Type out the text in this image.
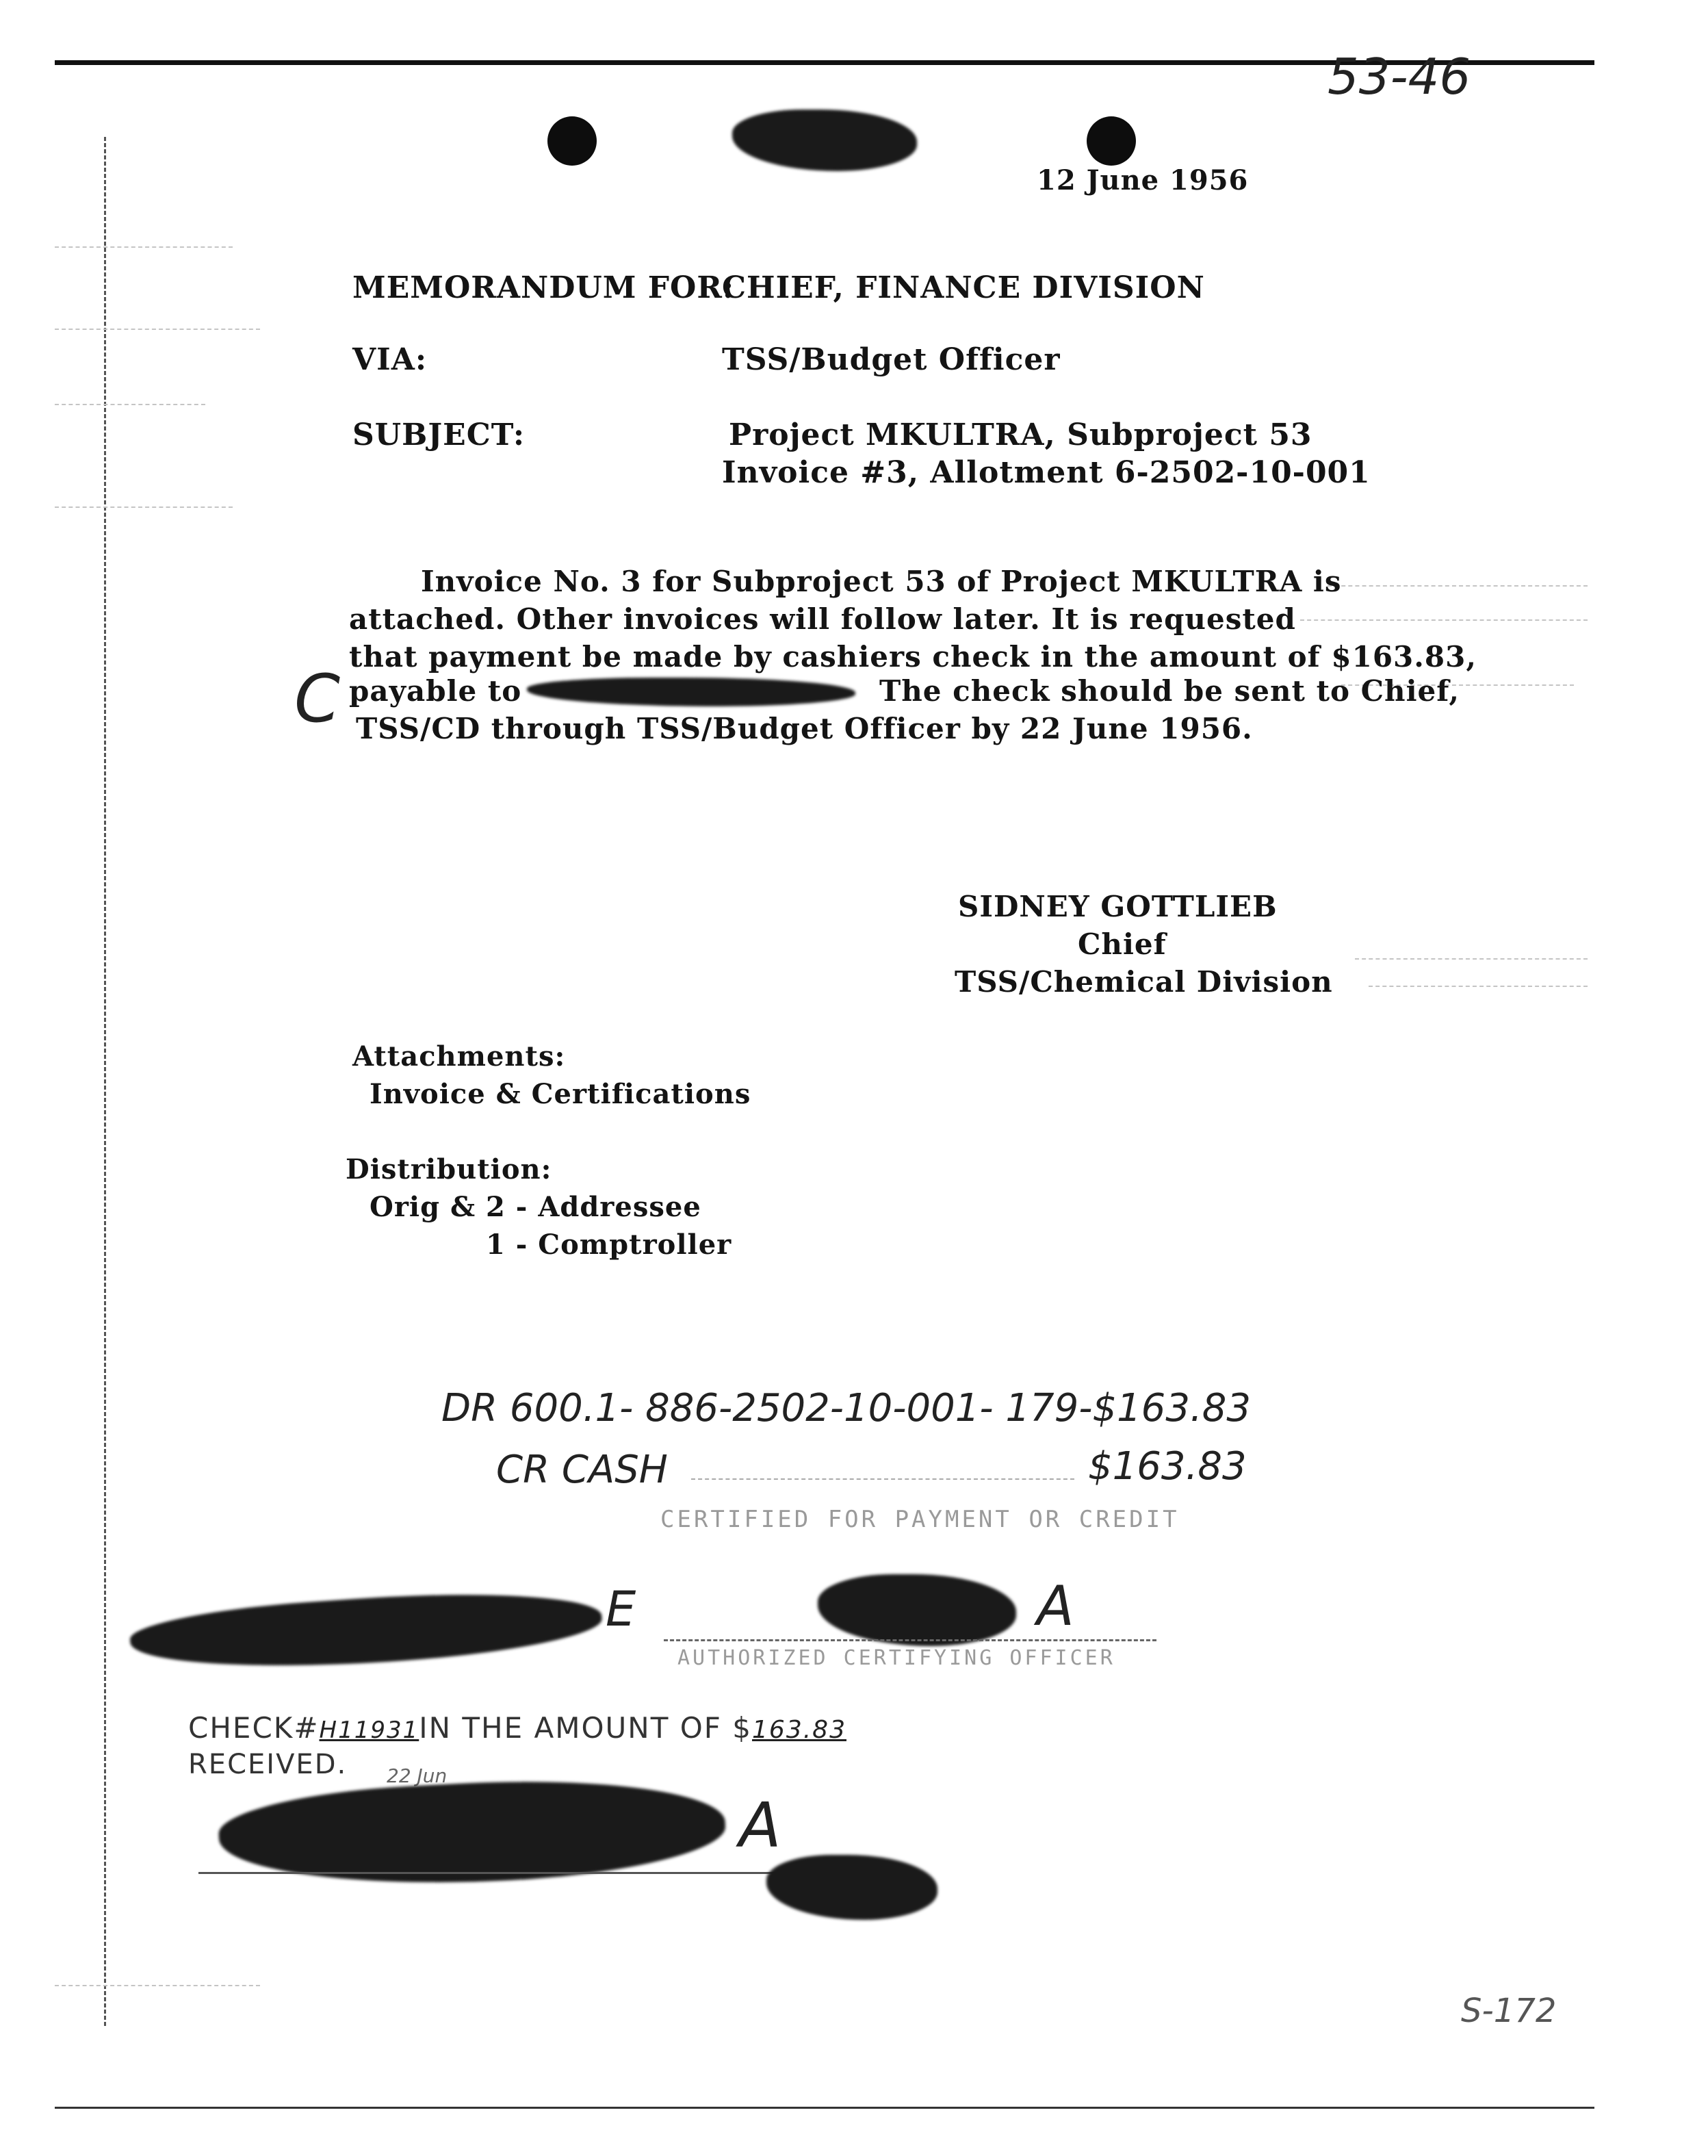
53-46
12 June 1956
MEMORANDUM FOR:
CHIEF, FINANCE DIVISION
VIA:	TSS/Budget Officer
SUBJECT:	Project MKULTRA, Subproject 53
Invoice #3, Allotment 6-2502-10-001
Invoice No. 3 for Subproject 53 of Project MKULTRA is
attached. Other invoices will follow later. It is requested
that payment be made by cashiers check in the amount of $163.83,
payable to	The check should be sent to Chief,
TSS/CD through TSS/Budget Officer by 22 June 1956.
C
SIDNEY GOTTLIEB
Chief
TSS/Chemical Division
Attachments:
Invoice & Certifications
Distribution:
Orig & 2 - Addressee
1 - Comptroller
DR 600.1- 886-2502-10-001- 179-$163.83
CR CASH	$163.83
CERTIFIED FOR PAYMENT OR CREDIT
E	A
AUTHORIZED CERTIFYING OFFICER
CHECK#H11931IN THE AMOUNT OF $163.83
RECEIVED. 22 Jun
A
S-172
